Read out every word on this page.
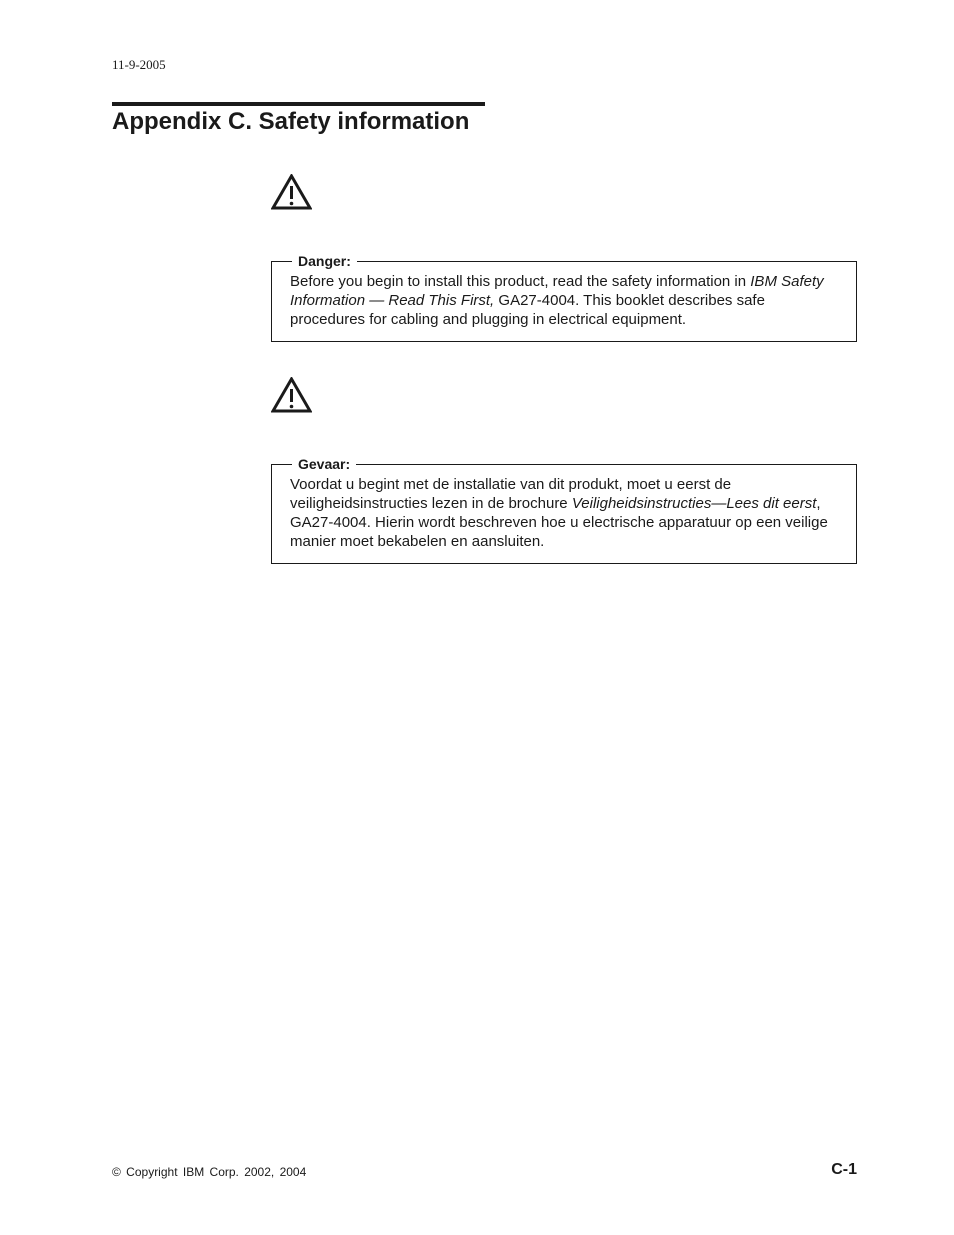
11-9-2005
Appendix C. Safety information
Danger:

Before you begin to install this product, read the safety information in IBM Safety Information — Read This First, GA27-4004. This booklet describes safe procedures for cabling and plugging in electrical equipment.

Gevaar:

Voordat u begint met de installatie van dit produkt, moet u eerst de veiligheidsinstructies lezen in de brochure Veiligheidsinstructies—Lees dit eerst, GA27-4004. Hierin wordt beschreven hoe u electrische apparatuur op een veilige manier moet bekabelen en aansluiten.

© Copyright IBM Corp. 2002, 2004	C-1
